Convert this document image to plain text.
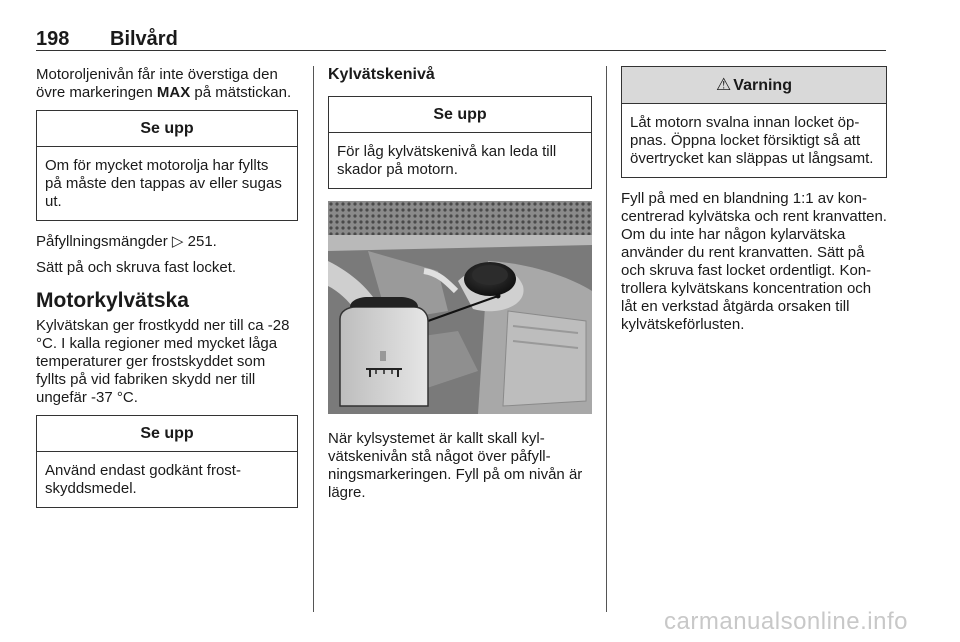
198 Bilvård

Motoroljenivån får inte överstiga den övre markeringen MAX på mätstickan.

Se upp
Om för mycket motorolja har fyllts på måste den tappas av eller sugas ut.

Påfyllningsmängder ▷ 251.

Sätt på och skruva fast locket.

Motorkylvätska

Kylvätskan ger frostkydd ner till ca -28 °C. I kalla regioner med mycket låga temperaturer ger frostskyddet som fyllts på vid fabriken skydd ner till ungefär -37 °C.

Se upp
Använd endast godkänt frostskyddsmedel.
Kylvätskenivå
Se upp
För låg kylvätskenivå kan leda till skador på motorn.

När kylsystemet är kallt skall kylvätskenivån stå något över påfyllningsmarkeringen. Fyll på om nivån är lägre.

⚠ Varning
Låt motorn svalna innan locket öppnas. Öppna locket försiktigt så att övertrycket kan släppas ut långsamt.

Fyll på med en blandning 1:1 av koncentrerad kylvätska och rent kranvatten. Om du inte har någon kylarvätska använder du rent kranvatten. Sätt på och skruva fast locket ordentligt. Kontrollera kylvätskans koncentration och låt en verkstad åtgärda orsaken till kylvätskeförlusten.

carmanualsonline.info
